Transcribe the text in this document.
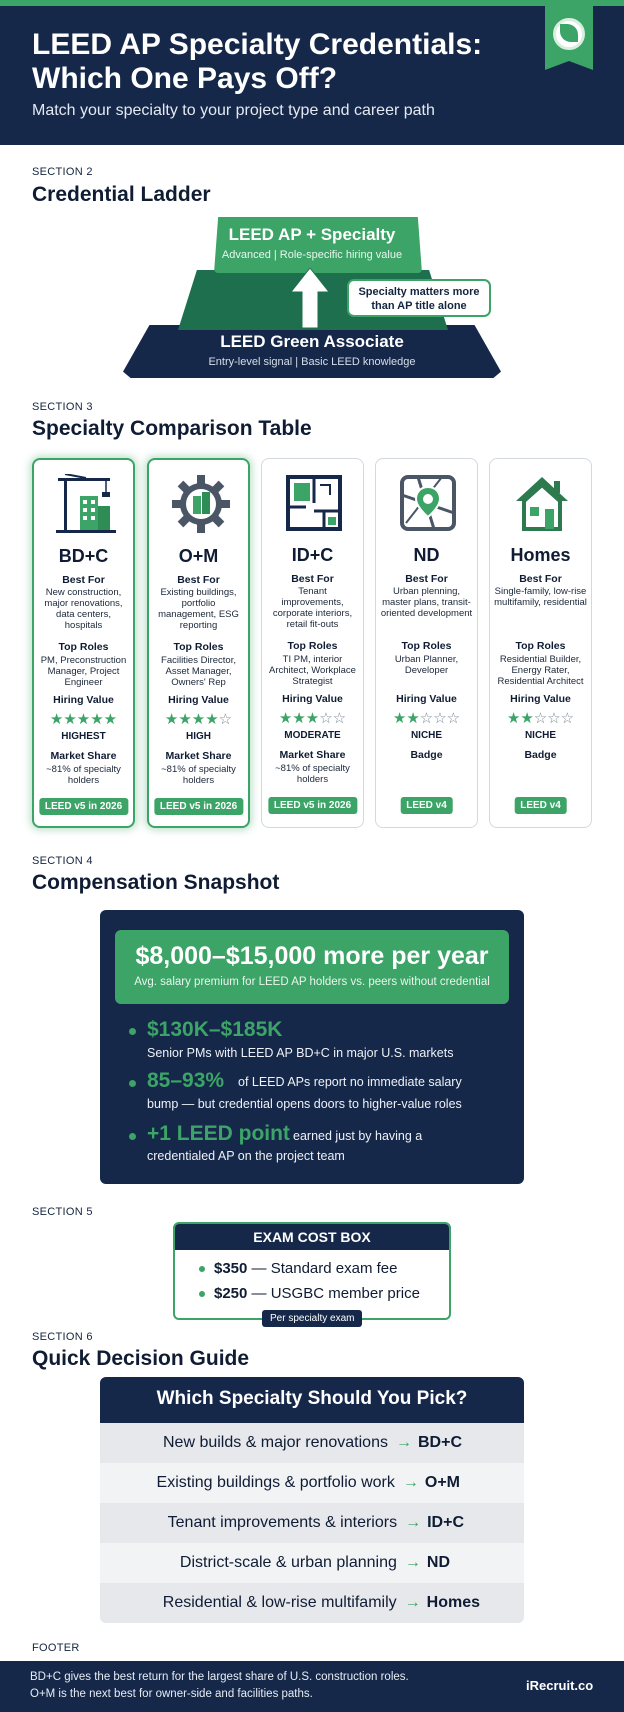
LEED AP Specialty Credentials: Which One Pays Off?
Match your specialty to your project type and career path
SECTION 2
Credential Ladder
LEED AP + Specialty
Advanced | Role-specific hiring value
Specialty matters more than AP title alone
LEED Green Associate
Entry-level signal | Basic LEED knowledge
SECTION 3
Specialty Comparison Table
BD+C
Best For
New construction, major renovations, data centers, hospitals
Top Roles
PM, Preconstruction Manager, Project Engineer
Hiring Value
★★★★★
HIGHEST
Market Share
~81% of specialty holders
LEED v5 in 2026
O+M
Best For
Existing buildings, portfolio management, ESG reporting
Top Roles
Facilities Director, Asset Manager, Owners' Rep
Hiring Value
★★★★☆
HIGH
Market Share
~81% of specialty holders
LEED v5 in 2026
ID+C
Best For
Tenant improvements, corporate interiors, retail fit-outs
Top Roles
TI PM, interior Architect, Workplace Strategist
Hiring Value
★★★☆☆
MODERATE
Market Share
~81% of specialty holders
LEED v5 in 2026
ND
Best For
Urban plenning, master plans, transit-oriented development
Top Roles
Urban Planner, Developer
Hiring Value
★★☆☆☆
NICHE
Badge
LEED v4
Homes
Best For
Single-family, low-rise multifamily, residential
Top Roles
Residential Builder, Energy Rater, Residential Architect
Hiring Value
★★☆☆☆
NICHE
Badge
LEED v4
SECTION 4
Compensation Snapshot
$8,000–$15,000 more per year
Avg. salary premium for LEED AP holders vs. peers without credential
$130K–$185K
Senior PMs with LEED AP BD+C in major U.S. markets
85–93% of LEED APs report no immediate salary
bump — but credential opens doors to higher-value roles
+1 LEED point earned just by having a
credentialed AP on the project team
SECTION 5
EXAM COST BOX
$350 — Standard exam fee
$250 — USGBC member price
Per specialty exam
SECTION 6
Quick Decision Guide
Which Specialty Should You Pick?
New builds & major renovations → BD+C
Existing buildings & portfolio work → O+M
Tenant improvements & interiors → ID+C
District-scale & urban planning → ND
Residential & low-rise multifamily → Homes
FOOTER
BD+C gives the best return for the largest share of U.S. construction roles.
O+M is the next best for owner-side and facilities paths.
iRecruit.co
